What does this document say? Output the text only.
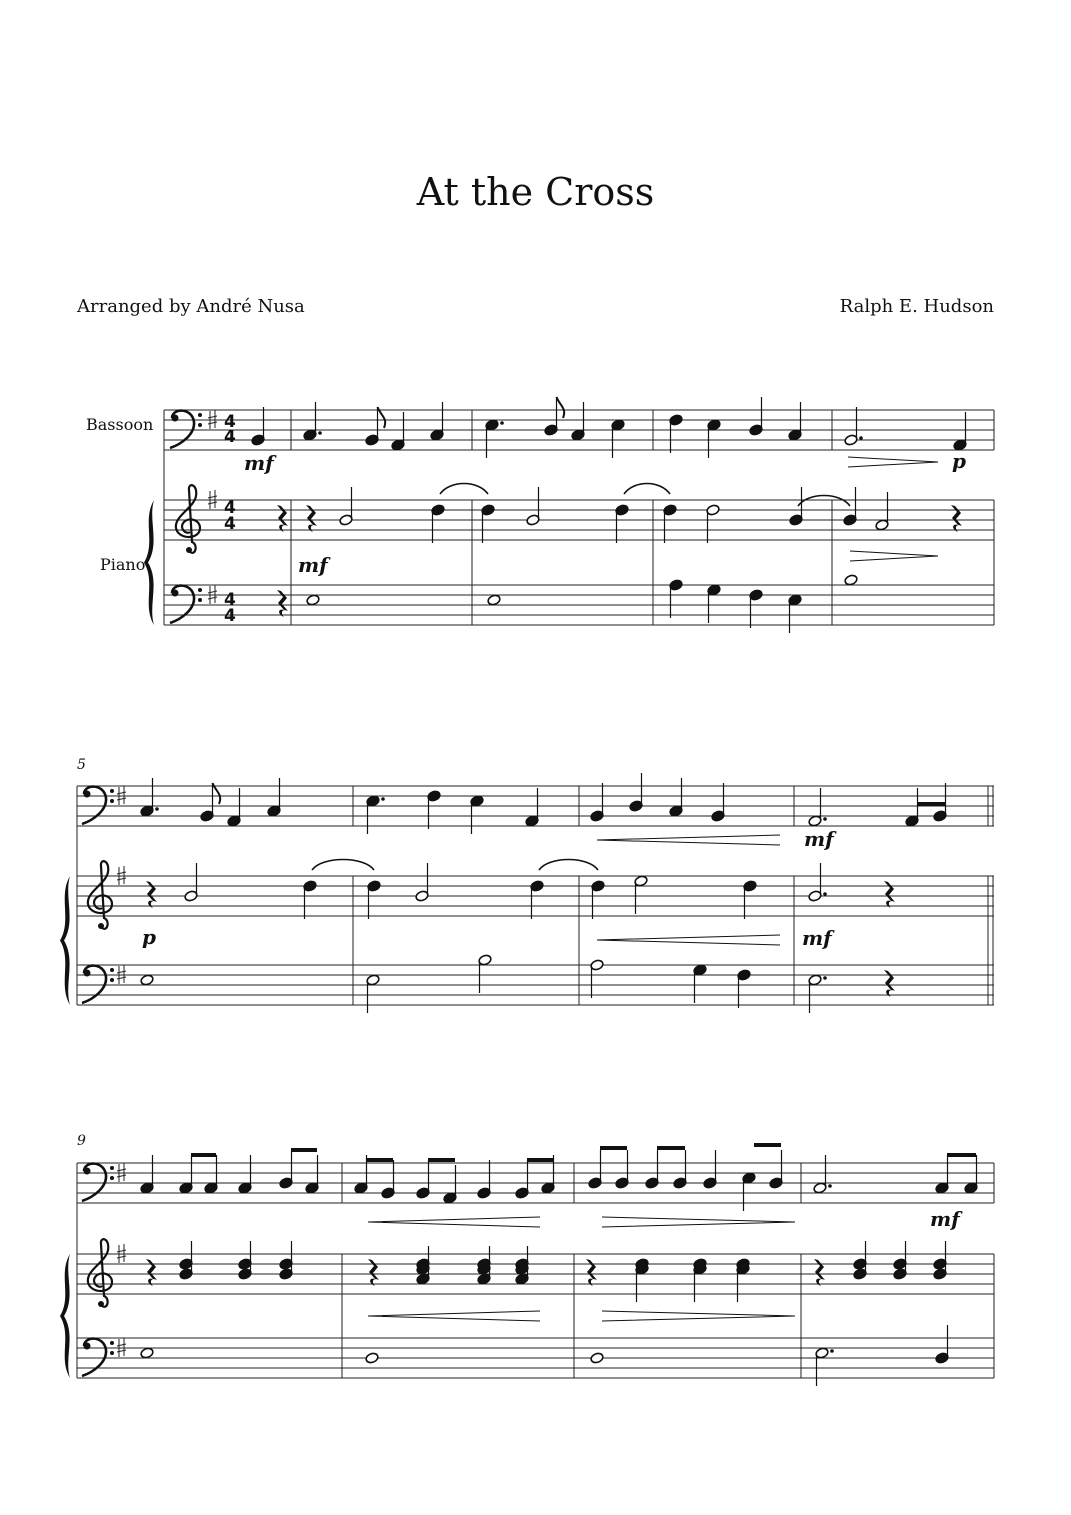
At the Cross
Arranged by André Nusa	Ralph E. Hudson
Bassoon
Piano
5
9
4
4
4
4
4
4
mf	p
mf
mf
p	mf
mf
